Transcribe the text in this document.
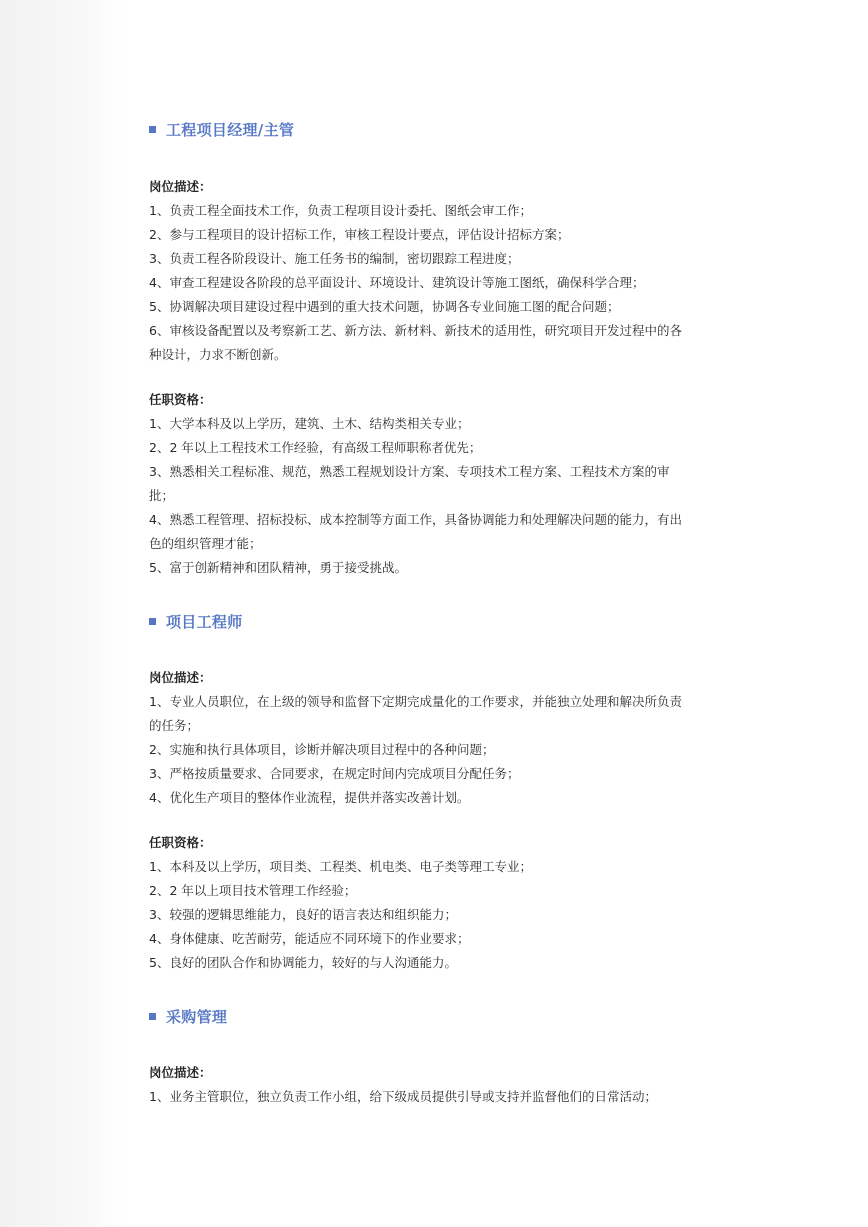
工程项目经理/主管
岗位描述：
1、负责工程全面技术工作，负责工程项目设计委托、图纸会审工作；
2、参与工程项目的设计招标工作，审核工程设计要点，评估设计招标方案；
3、负责工程各阶段设计、施工任务书的编制，密切跟踪工程进度；
4、审查工程建设各阶段的总平面设计、环境设计、建筑设计等施工图纸，确保科学合理；
5、协调解决项目建设过程中遇到的重大技术问题，协调各专业间施工图的配合问题；
6、审核设备配置以及考察新工艺、新方法、新材料、新技术的适用性，研究项目开发过程中的各
种设计，力求不断创新。
任职资格：
1、大学本科及以上学历，建筑、土木、结构类相关专业；
2、2 年以上工程技术工作经验，有高级工程师职称者优先；
3、熟悉相关工程标准、规范，熟悉工程规划设计方案、专项技术工程方案、工程技术方案的审
批；
4、熟悉工程管理、招标投标、成本控制等方面工作，具备协调能力和处理解决问题的能力，有出
色的组织管理才能；
5、富于创新精神和团队精神，勇于接受挑战。
项目工程师
岗位描述：
1、专业人员职位，在上级的领导和监督下定期完成量化的工作要求，并能独立处理和解决所负责
的任务；
2、实施和执行具体项目，诊断并解决项目过程中的各种问题；
3、严格按质量要求、合同要求，在规定时间内完成项目分配任务；
4、优化生产项目的整体作业流程，提供并落实改善计划。
任职资格：
1、本科及以上学历，项目类、工程类、机电类、电子类等理工专业；
2、2 年以上项目技术管理工作经验；
3、较强的逻辑思维能力，良好的语言表达和组织能力；
4、身体健康、吃苦耐劳，能适应不同环境下的作业要求；
5、良好的团队合作和协调能力，较好的与人沟通能力。
采购管理
岗位描述：
1、业务主管职位，独立负责工作小组，给下级成员提供引导或支持并监督他们的日常活动；
